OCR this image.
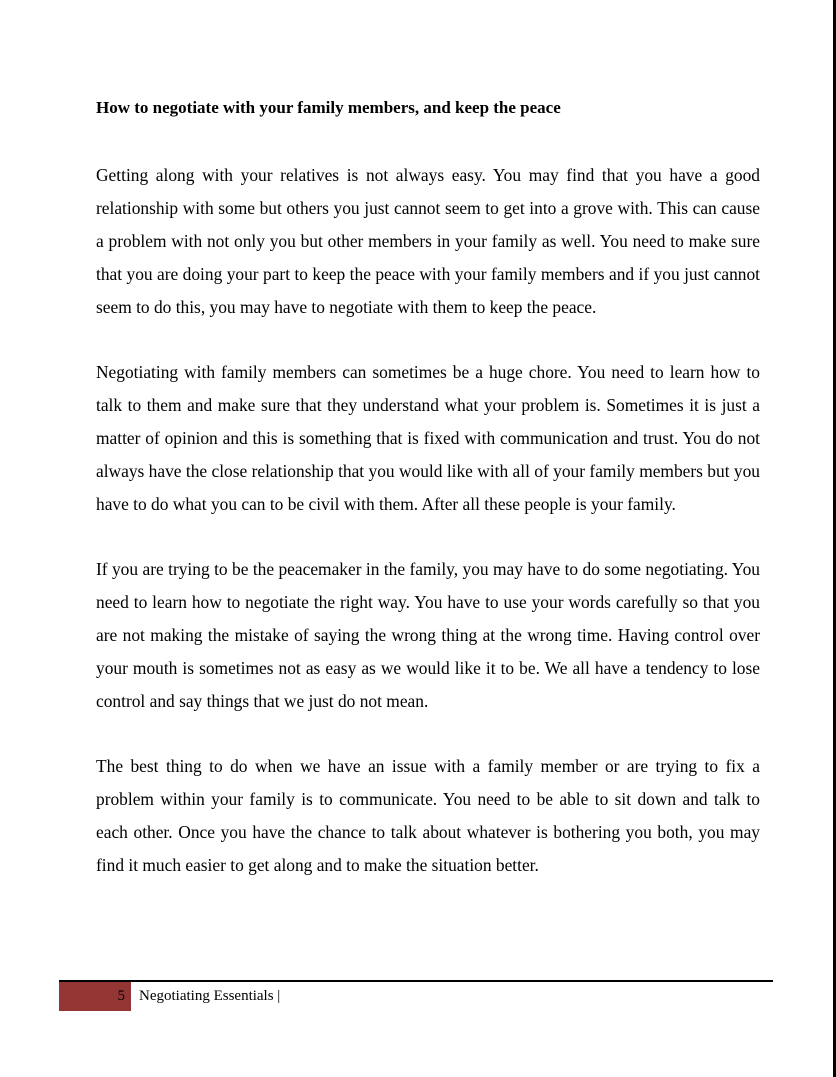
How to negotiate with your family members, and keep the peace

Getting along with your relatives is not always easy. You may find that you have a good relationship with some but others you just cannot seem to get into a grove with. This can cause a problem with not only you but other members in your family as well. You need to make sure that you are doing your part to keep the peace with your family members and if you just cannot seem to do this, you may have to negotiate with them to keep the peace.

Negotiating with family members can sometimes be a huge chore. You need to learn how to talk to them and make sure that they understand what your problem is. Sometimes it is just a matter of opinion and this is something that is fixed with communication and trust. You do not always have the close relationship that you would like with all of your family members but you have to do what you can to be civil with them. After all these people is your family.

If you are trying to be the peacemaker in the family, you may have to do some negotiating. You need to learn how to negotiate the right way. You have to use your words carefully so that you are not making the mistake of saying the wrong thing at the wrong time. Having control over your mouth is sometimes not as easy as we would like it to be. We all have a tendency to lose control and say things that we just do not mean.

The best thing to do when we have an issue with a family member or are trying to fix a problem within your family is to communicate. You need to be able to sit down and talk to each other. Once you have the chance to talk about whatever is bothering you both, you may find it much easier to get along and to make the situation better.

5 Negotiating Essentials |
